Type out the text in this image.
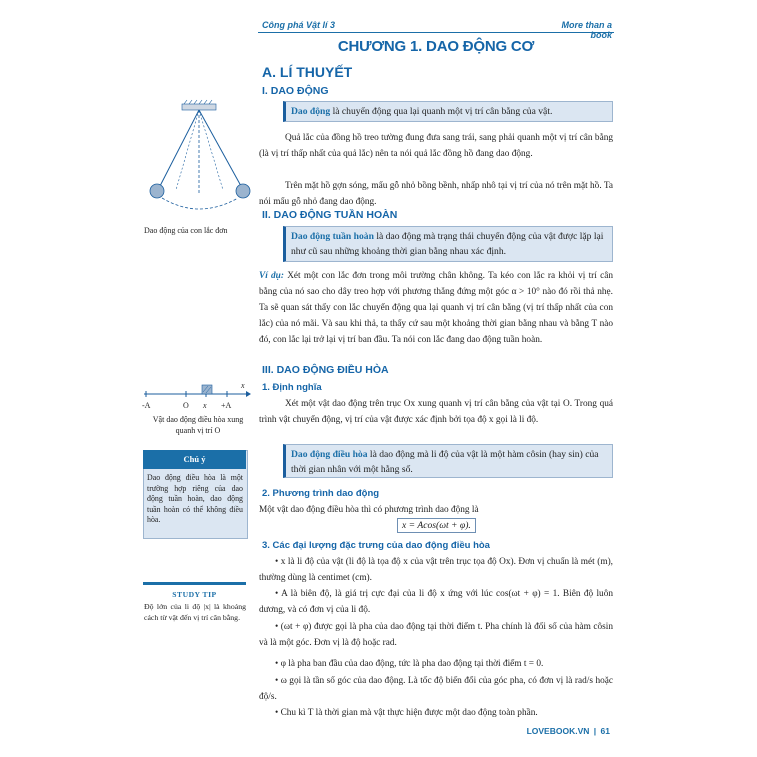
Công phá Vật lí 3	More than a book
CHƯƠNG 1. DAO ĐỘNG CƠ
A. LÍ THUYẾT
I. DAO ĐỘNG
Dao động là chuyển động qua lại quanh một vị trí cân bằng của vật.
Quả lắc của đồng hồ treo tường đung đưa sang trái, sang phải quanh một vị trí cân bằng (là vị trí thấp nhất của quả lắc) nên ta nói quả lắc đồng hồ đang dao động.
Trên mặt hồ gợn sóng, mẩu gỗ nhỏ bồng bềnh, nhấp nhô tại vị trí của nó trên mặt hồ. Ta nói mẩu gỗ nhỏ đang dao động.
II. DAO ĐỘNG TUẦN HOÀN
Dao động tuần hoàn là dao động mà trạng thái chuyển động của vật được lặp lại như cũ sau những khoảng thời gian bằng nhau xác định.
Ví dụ: Xét một con lắc đơn trong môi trường chân không. Ta kéo con lắc ra khỏi vị trí cân bằng của nó sao cho dây treo hợp với phương thẳng đứng một góc α > 10° nào đó rồi thả nhẹ. Ta sẽ quan sát thấy con lắc chuyển động qua lại quanh vị trí cân bằng (vị trí thấp nhất của con lắc) của nó mãi. Và sau khi thả, ta thấy cứ sau một khoảng thời gian bằng nhau và bằng T nào đó, con lắc lại trở lại vị trí ban đầu. Ta nói con lắc đang dao động tuần hoàn.
III. DAO ĐỘNG ĐIỀU HÒA
1. Định nghĩa
Xét một vật dao động trên trục Ox xung quanh vị trí cân bằng của vật tại O. Trong quá trình vật chuyển động, vị trí của vật được xác định bởi tọa độ x gọi là li độ.
Dao động điều hòa là dao động mà li độ của vật là một hàm côsin (hay sin) của thời gian nhân với một hằng số.
2. Phương trình dao động
Một vật dao động điều hòa thì có phương trình dao động là
x = Acos(ωt + φ).
3. Các đại lượng đặc trưng của dao động điều hòa
• x là li độ của vật (li độ là tọa độ x của vật trên trục tọa độ Ox). Đơn vị chuẩn là mét (m), thường dùng là centimet (cm).
• A là biên độ, là giá trị cực đại của li độ x ứng với lúc cos(ωt + φ) = 1. Biên độ luôn dương, và có đơn vị của li độ.
• (ωt + φ) được gọi là pha của dao động tại thời điểm t. Pha chính là đối số của hàm côsin và là một góc. Đơn vị là độ hoặc rad.
• φ là pha ban đầu của dao động, tức là pha dao động tại thời điểm t = 0.
• ω gọi là tần số góc của dao động. Là tốc độ biến đổi của góc pha, có đơn vị là rad/s hoặc độ/s.
• Chu kì T là thời gian mà vật thực hiện được một dao động toàn phần.
Dao động của con lắc đơn
-A	O x +A
x
Vật dao động điều hòa xung quanh vị trí O
Chú ý
Dao động điều hòa là một trường hợp riêng của dao động tuần hoàn, dao động tuần hoàn có thể không điều hòa.
STUDY TIP
Độ lớn của li độ |x| là khoảng cách từ vật đến vị trí cân bằng.
LOVEBOOK.VN | 61
